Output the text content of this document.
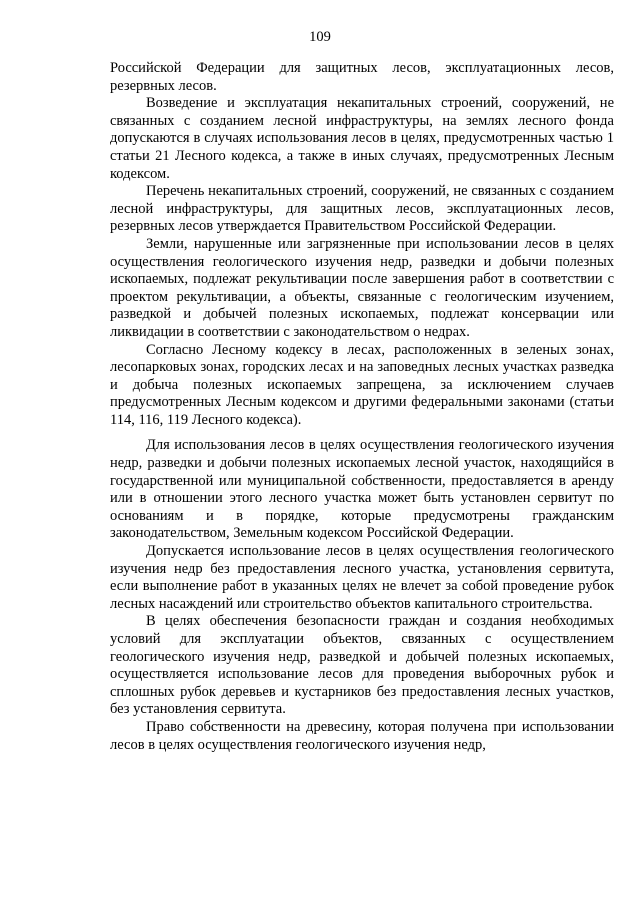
109

Российской Федерации для защитных лесов, эксплуатационных лесов, резервных лесов.

Возведение и эксплуатация некапитальных строений, сооружений, не связанных с созданием лесной инфраструктуры, на землях лесного фонда допускаются в случаях использования лесов в целях, предусмотренных частью 1 статьи 21 Лесного кодекса, а также в иных случаях, предусмотренных Лесным кодексом.

Перечень некапитальных строений, сооружений, не связанных с созданием лесной инфраструктуры, для защитных лесов, эксплуатационных лесов, резервных лесов утверждается Правительством Российской Федерации.

Земли, нарушенные или загрязненные при использовании лесов в целях осуществления геологического изучения недр, разведки и добычи полезных ископаемых, подлежат рекультивации после завершения работ в соответствии с проектом рекультивации, а объекты, связанные с геологическим изучением, разведкой и добычей полезных ископаемых, подлежат консервации или ликвидации в соответствии с законодательством о недрах.

Согласно Лесному кодексу в лесах, расположенных в зеленых зонах, лесопарковых зонах, городских лесах и на заповедных лесных участках разведка и добыча полезных ископаемых запрещена, за исключением случаев предусмотренных Лесным кодексом и другими федеральными законами (статьи 114, 116, 119 Лесного кодекса).

Для использования лесов в целях осуществления геологического изучения недр, разведки и добычи полезных ископаемых лесной участок, находящийся в государственной или муниципальной собственности, предоставляется в аренду или в отношении этого лесного участка может быть установлен сервитут по основаниям и в порядке, которые предусмотрены гражданским законодательством, Земельным кодексом Российской Федерации.

Допускается использование лесов в целях осуществления геологического изучения недр без предоставления лесного участка, установления сервитута, если выполнение работ в указанных целях не влечет за собой проведение рубок лесных насаждений или строительство объектов капитального строительства.

В целях обеспечения безопасности граждан и создания необходимых условий для эксплуатации объектов, связанных с осуществлением геологического изучения недр, разведкой и добычей полезных ископаемых, осуществляется использование лесов для проведения выборочных рубок и сплошных рубок деревьев и кустарников без предоставления лесных участков, без установления сервитута.

Право собственности на древесину, которая получена при использовании лесов в целях осуществления геологического изучения недр,
